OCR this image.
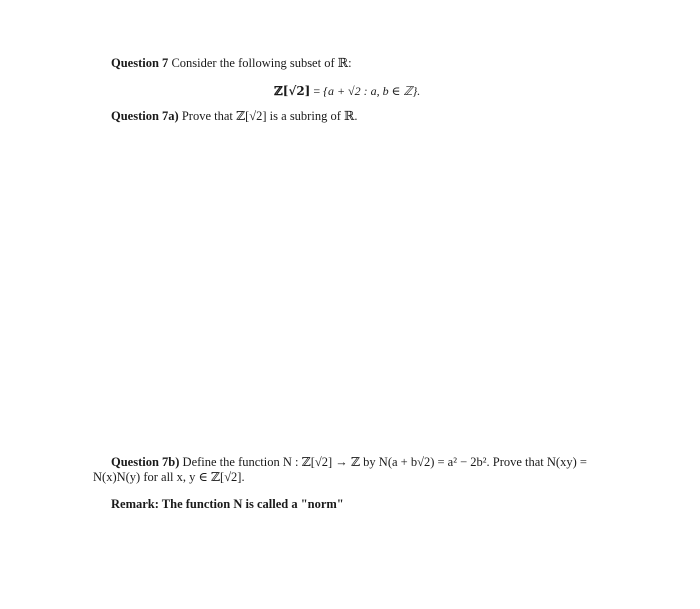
Question 7 Consider the following subset of ℝ:
ℤ[√2] = {a + √2 : a, b ∈ ℤ}.
Question 7a) Prove that ℤ[√2] is a subring of ℝ.
Question 7b) Define the function N : ℤ[√2] → ℤ by N(a + b√2) = a² − 2b². Prove that N(xy) =
N(x)N(y) for all x, y ∈ ℤ[√2].
Remark: The function N is called a "norm"
